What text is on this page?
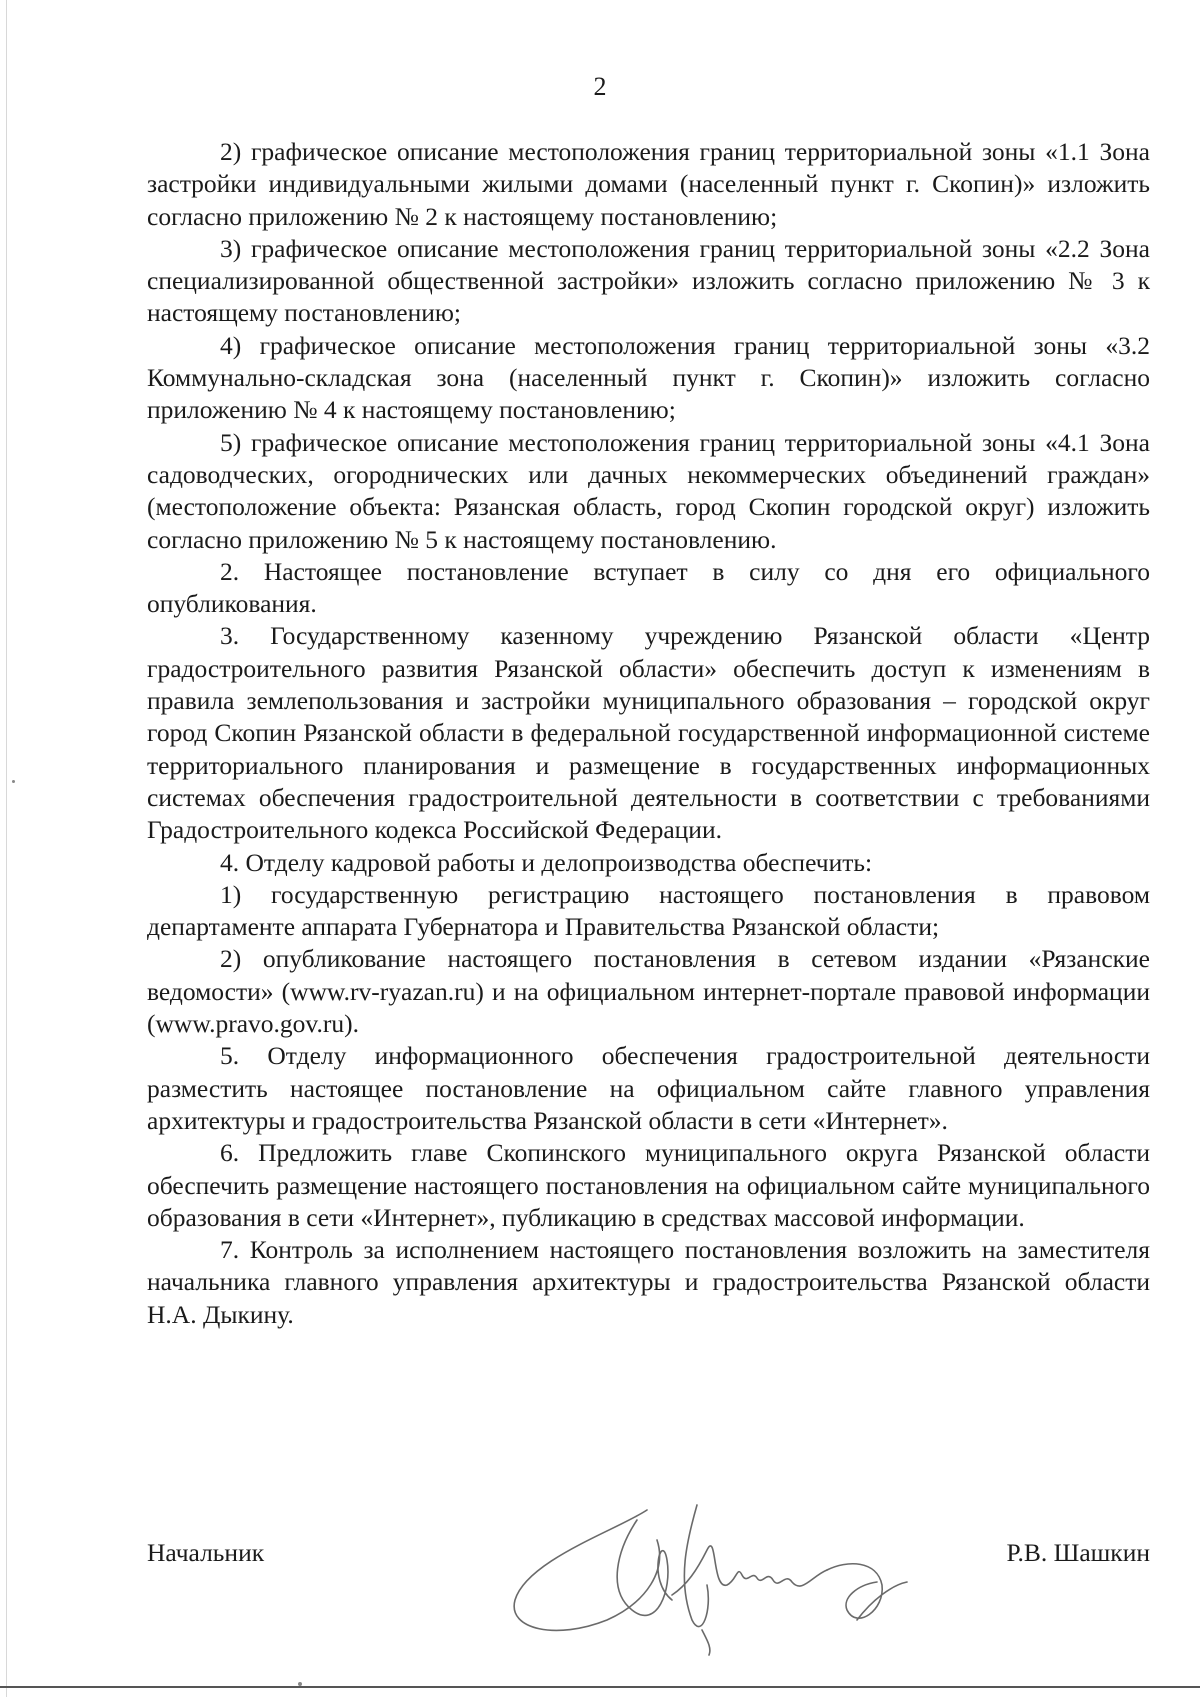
2

2) графическое описание местоположения границ территориальной зоны «1.1 Зона застройки индивидуальными жилыми домами (населенный пункт г. Скопин)» изложить согласно приложению № 2 к настоящему постановлению;

3) графическое описание местоположения границ территориальной зоны «2.2 Зона специализированной общественной застройки» изложить согласно приложению № 3 к настоящему постановлению;

4) графическое описание местоположения границ территориальной зоны «3.2 Коммунально-складская зона (населенный пункт г. Скопин)» изложить согласно приложению № 4 к настоящему постановлению;

5) графическое описание местоположения границ территориальной зоны «4.1 Зона садоводческих, огороднических или дачных некоммерческих объединений граждан» (местоположение объекта: Рязанская область, город Скопин городской округ) изложить согласно приложению № 5 к настоящему постановлению.

2. Настоящее постановление вступает в силу со дня его официального опубликования.

3. Государственному казенному учреждению Рязанской области «Центр градостроительного развития Рязанской области» обеспечить доступ к изменениям в правила землепользования и застройки муниципального образования – городской округ город Скопин Рязанской области в федеральной государственной информационной системе территориального планирования и размещение в государственных информационных системах обеспечения градостроительной деятельности в соответствии с требованиями Градостроительного кодекса Российской Федерации.

4. Отделу кадровой работы и делопроизводства обеспечить:

1) государственную регистрацию настоящего постановления в правовом департаменте аппарата Губернатора и Правительства Рязанской области;

2) опубликование настоящего постановления в сетевом издании «Рязанские ведомости» (www.rv-ryazan.ru) и на официальном интернет-портале правовой информации (www.pravo.gov.ru).

5. Отделу информационного обеспечения градостроительной деятельности разместить настоящее постановление на официальном сайте главного управления архитектуры и градостроительства Рязанской области в сети «Интернет».

6. Предложить главе Скопинского муниципального округа Рязанской области обеспечить размещение настоящего постановления на официальном сайте муниципального образования в сети «Интернет», публикацию в средствах массовой информации.

7. Контроль за исполнением настоящего постановления возложить на заместителя начальника главного управления архитектуры и градостроительства Рязанской области Н.А. Дыкину.

Начальник	Р.В. Шашкин
